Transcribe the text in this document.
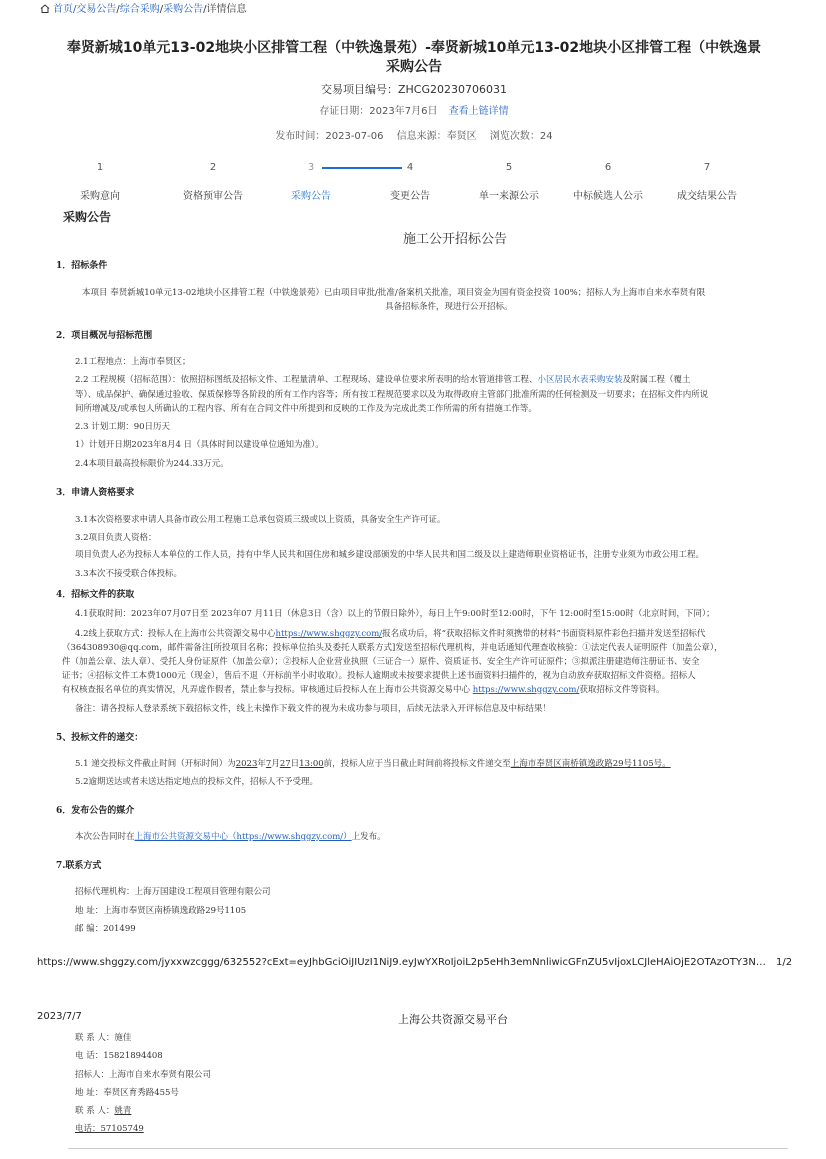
首页/交易公告/综合采购/采购公告/详情信息
奉贤新城10单元13-02地块小区排管工程（中铁逸景苑）-奉贤新城10单元13-02地块小区排管工程（中铁逸景
采购公告
交易项目编号：ZHCG20230706031
存证日期：2023年7月6日 查看上链详情
发布时间：2023-07-06 信息来源：奉贤区 浏览次数：24
1
采购意向
2
资格预审公告
3
采购公告
4
变更公告
5
单一来源公示
6
中标候选人公示
7
成交结果公告
采购公告
施工公开招标公告
1．招标条件
本项目 奉贤新城10单元13-02地块小区排管工程（中铁逸景苑）已由项目审批/批准/备案机关批准，项目资金为国有资金投资 100%；招标人为上海市自来水奉贤有限
具备招标条件，现进行公开招标。
2．项目概况与招标范围
2.1工程地点：上海市奉贤区；
2.2 工程规模（招标范围）：依照招标图纸及招标文件、工程量清单、工程现场、建设单位要求所表明的给水管道排管工程、小区居民水表采购安装及附属工程（覆土
等）、成品保护、确保通过验收、保质保修等各阶段的所有工作内容等；所有按工程规范要求以及为取得政府主管部门批准所需的任何检测及一切要求；在招标文件内所说
间所增减及/或承包人所确认的工程内容、所有在合同文件中所提到和反映的工作及为完成此类工作所需的所有措施工作等。
2.3 计划工期：90日历天
1）计划开日期2023年8月4 日（具体时间以建设单位通知为准）。
2.4本项目最高投标限价为244.33万元。
3．申请人资格要求
3.1本次资格要求申请人具备市政公用工程施工总承包资质三级或以上资质，具备安全生产许可证。
3.2项目负责人资格：
项目负责人必为投标人本单位的工作人员，持有中华人民共和国住房和城乡建设部颁发的中华人民共和国二级及以上建造师职业资格证书，注册专业须为市政公用工程。
3.3本次不接受联合体投标。
4．招标文件的获取
4.1获取时间：2023年07月07日至 2023年07 月11日（休息3日（含）以上的节假日除外），每日上午9:00时至12:00时，下午 12:00时至15:00时（北京时间，下同）；
4.2线上获取方式：投标人在上海市公共资源交易中心https://www.shggzy.com/报名成功后，将“获取招标文件时须携带的材料”书面资料原件彩色扫描并发送至招标代
（364308930@qq.com，邮件需备注[所投项目名称；投标单位抬头及委托人联系方式]发送至招标代理机构，并电话通知代理查收核验：①法定代表人证明原件（加盖公章），
件（加盖公章、法人章）、受托人身份证原件（加盖公章）；②投标人企业营业执照（三证合一）原件、资质证书、安全生产许可证原件；③拟派注册建造师注册证书、安全
证书；④招标文件工本费1000元（现金），售后不退（开标前半小时收取）。投标人逾期或未按要求提供上述书面资料扫描件的，视为自动放弃获取招标文件资格。招标人
有权核查报名单位的真实情况，凡弄虚作假者，禁止参与投标。审核通过后投标人在上海市公共资源交易中心 https://www.shggzy.com/获取招标文件等资料。
备注：请各投标人登录系统下载招标文件，线上未操作下载文件的视为未成功参与项目，后续无法录入开评标信息及中标结果！
5、投标文件的递交：
5.1 递交投标文件截止时间（开标时间）为2023年7月27日13:00前，投标人应于当日截止时间前将投标文件递交至上海市奉贤区南桥镇逸政路29号1105号。
5.2逾期送达或者未送达指定地点的投标文件，招标人不予受理。
6．发布公告的媒介
本次公告同时在上海市公共资源交易中心（https://www.shggzy.com/）上发布。
7.联系方式
招标代理机构：上海万国建设工程项目管理有限公司
地 址：上海市奉贤区南桥镇逸政路29号1105
邮 编：201499
https://www.shggzy.com/jyxxwzcggg/632552?cExt=eyJhbGciOiJIUzI1NiJ9.eyJwYXRoIjoiL2p5eHh3emNnliwicGFnZU5vIjoxLCJleHAiOjE2OTAzOTY3N… 1/2
2023/7/7	上海公共资源交易平台
联 系 人：施佳
电 话：15821894408
招标人：上海市自来水奉贤有限公司
地 址：奉贤区育秀路455号
联 系 人：姚青
电话：57105749
